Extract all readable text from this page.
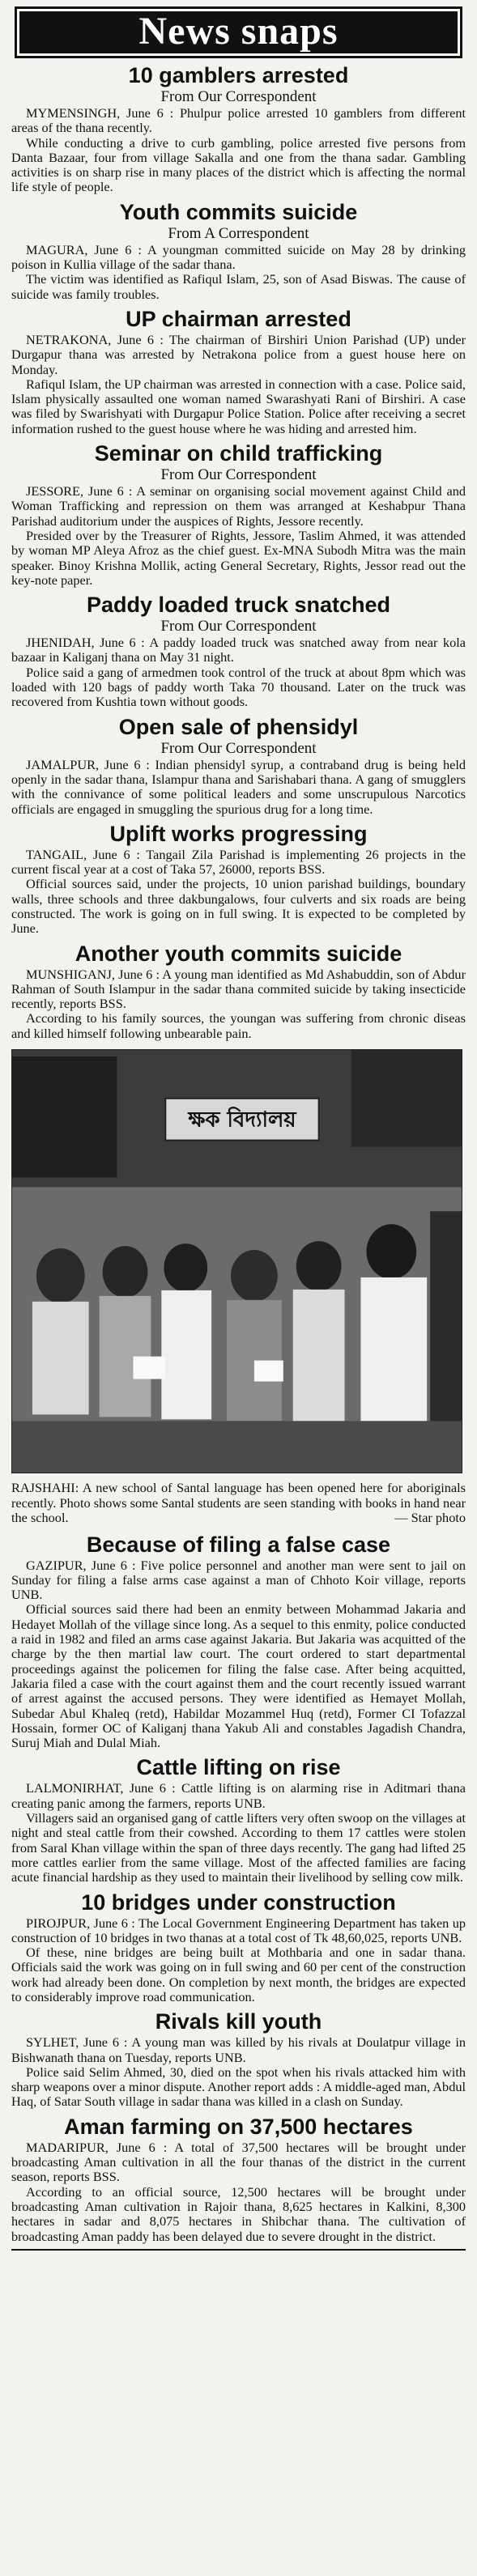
News snaps
10 gamblers arrested
From Our Correspondent

MYMENSINGH, June 6 : Phulpur police arrested 10 gamblers from different areas of the thana recently.

While conducting a drive to curb gambling, police arrested five persons from Danta Bazaar, four from village Sakalla and one from the thana sadar. Gambling activities is on sharp rise in many places of the district which is affecting the normal life style of people.

Youth commits suicide
From A Correspondent

MAGURA, June 6 : A youngman committed suicide on May 28 by drinking poison in Kullia village of the sadar thana.

The victim was identified as Rafiqul Islam, 25, son of Asad Biswas. The cause of suicide was family troubles.

UP chairman arrested

NETRAKONA, June 6 : The chairman of Birshiri Union Parishad (UP) under Durgapur thana was arrested by Netrakona police from a guest house here on Monday.

Rafiqul Islam, the UP chairman was arrested in connection with a case. Police said, Islam physically assaulted one woman named Swarashyati Rani of Birshiri. A case was filed by Swarishyati with Durgapur Police Station. Police after receiving a secret information rushed to the guest house where he was hiding and arrested him.

Seminar on child trafficking
From Our Correspondent

JESSORE, June 6 : A seminar on organising social movement against Child and Woman Trafficking and repression on them was arranged at Keshabpur Thana Parishad auditorium under the auspices of Rights, Jessore recently.

Presided over by the Treasurer of Rights, Jessore, Taslim Ahmed, it was attended by woman MP Aleya Afroz as the chief guest. Ex-MNA Subodh Mitra was the main speaker. Binoy Krishna Mollik, acting General Secretary, Rights, Jessor read out the key-note paper.

Paddy loaded truck snatched
From Our Correspondent

JHENIDAH, June 6 : A paddy loaded truck was snatched away from near kola bazaar in Kaliganj thana on May 31 night.

Police said a gang of armedmen took control of the truck at about 8pm which was loaded with 120 bags of paddy worth Taka 70 thousand. Later on the truck was recovered from Kushtia town without goods.

Open sale of phensidyl
From Our Correspondent

JAMALPUR, June 6 : Indian phensidyl syrup, a contraband drug is being held openly in the sadar thana, Islampur thana and Sarishabari thana. A gang of smugglers with the connivance of some political leaders and some unscrupulous Narcotics officials are engaged in smuggling the spurious drug for a long time.

Uplift works progressing

TANGAIL, June 6 : Tangail Zila Parishad is implementing 26 projects in the current fiscal year at a cost of Taka 57, 26000, reports BSS.

Official sources said, under the projects, 10 union parishad buildings, boundary walls, three schools and three dakbungalows, four culverts and six roads are being constructed. The work is going on in full swing. It is expected to be completed by June.

Another youth commits suicide

MUNSHIGANJ, June 6 : A young man identified as Md Ashabuddin, son of Abdur Rahman of South Islampur in the sadar thana commited suicide by taking insecticide recently, reports BSS.

According to his family sources, the youngan was suffering from chronic diseas and killed himself following unbearable pain.

ক্ষক বিদ্যালয়
RAJSHAHI: A new school of Santal language has been opened here for aboriginals recently. Photo shows some Santal students are seen standing with books in hand near the school.	— Star photo
Because of filing a false case

GAZIPUR, June 6 : Five police personnel and another man were sent to jail on Sunday for filing a false arms case against a man of Chhoto Koir village, reports UNB.

Official sources said there had been an enmity between Mohammad Jakaria and Hedayet Mollah of the village since long. As a sequel to this enmity, police conducted a raid in 1982 and filed an arms case against Jakaria. But Jakaria was acquitted of the charge by the then martial law court. The court ordered to start departmental proceedings against the policemen for filing the false case. After being acquitted, Jakaria filed a case with the court against them and the court recently issued warrant of arrest against the accused persons. They were identified as Hemayet Mollah, Subedar Abul Khaleq (retd), Habildar Mozammel Huq (retd), Former CI Tofazzal Hossain, former OC of Kaliganj thana Yakub Ali and constables Jagadish Chandra, Suruj Miah and Dulal Miah.

Cattle lifting on rise

LALMONIRHAT, June 6 : Cattle lifting is on alarming rise in Aditmari thana creating panic among the farmers, reports UNB.

Villagers said an organised gang of cattle lifters very often swoop on the villages at night and steal cattle from their cowshed. According to them 17 cattles were stolen from Saral Khan village within the span of three days recently. The gang had lifted 25 more cattles earlier from the same village. Most of the affected families are facing acute financial hardship as they used to maintain their livelihood by selling cow milk.

10 bridges under construction

PIROJPUR, June 6 : The Local Government Engineering Department has taken up construction of 10 bridges in two thanas at a total cost of Tk 48,60,025, reports UNB.

Of these, nine bridges are being built at Mothbaria and one in sadar thana. Officials said the work was going on in full swing and 60 per cent of the construction work had already been done. On completion by next month, the bridges are expected to considerably improve road communication.

Rivals kill youth

SYLHET, June 6 : A young man was killed by his rivals at Doulatpur village in Bishwanath thana on Tuesday, reports UNB.

Police said Selim Ahmed, 30, died on the spot when his rivals attacked him with sharp weapons over a minor dispute. Another report adds : A middle-aged man, Abdul Haq, of Satar South village in sadar thana was killed in a clash on Sunday.

Aman farming on 37,500 hectares

MADARIPUR, June 6 : A total of 37,500 hectares will be brought under broadcasting Aman cultivation in all the four thanas of the district in the current season, reports BSS.

According to an official source, 12,500 hectares will be brought under broadcasting Aman cultivation in Rajoir thana, 8,625 hectares in Kalkini, 8,300 hectares in sadar and 8,075 hectares in Shibchar thana. The cultivation of broadcasting Aman paddy has been delayed due to severe drought in the district.
